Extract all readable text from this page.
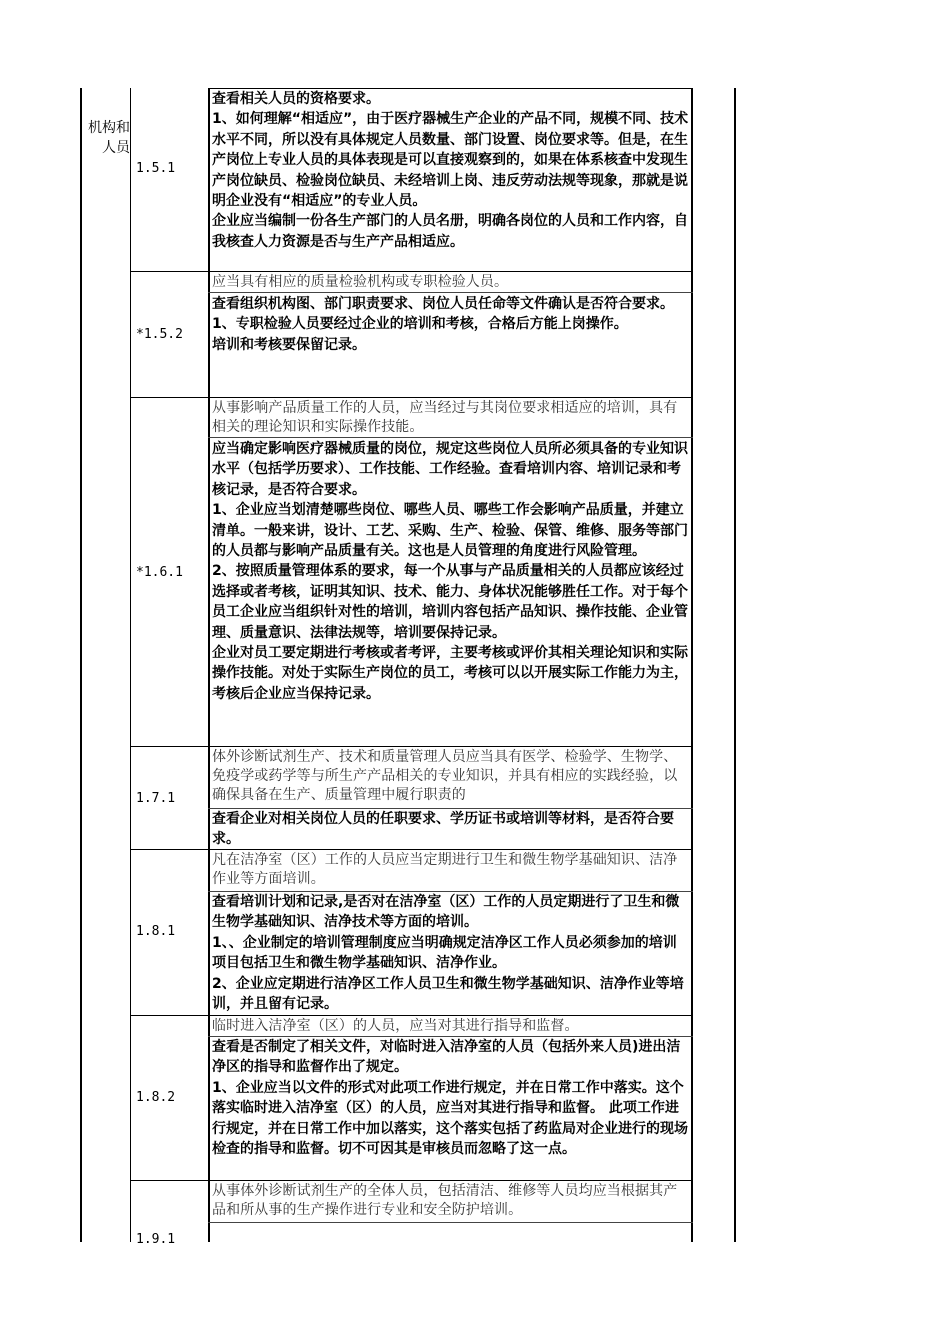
机构和人员
1.5.1
查看相关人员的资格要求。
1、如何理解“相适应”，由于医疗器械生产企业的产品不同，规模不同、技术水平不同，所以没有具体规定人员数量、部门设置、岗位要求等。但是，在生产岗位上专业人员的具体表现是可以直接观察到的，如果在体系核查中发现生产岗位缺员、检验岗位缺员、未经培训上岗、违反劳动法规等现象，那就是说明企业没有“相适应”的专业人员。
企业应当编制一份各生产部门的人员名册，明确各岗位的人员和工作内容，自我核查人力资源是否与生产产品相适应。
*1.5.2
应当具有相应的质量检验机构或专职检验人员。
查看组织机构图、部门职责要求、岗位人员任命等文件确认是否符合要求。
1、专职检验人员要经过企业的培训和考核，合格后方能上岗操作。
培训和考核要保留记录。
*1.6.1
从事影响产品质量工作的人员，应当经过与其岗位要求相适应的培训，具有相关的理论知识和实际操作技能。
应当确定影响医疗器械质量的岗位，规定这些岗位人员所必须具备的专业知识水平（包括学历要求）、工作技能、工作经验。查看培训内容、培训记录和考核记录，是否符合要求。
1、企业应当划清楚哪些岗位、哪些人员、哪些工作会影响产品质量，并建立清单。一般来讲，设计、工艺、采购、生产、检验、保管、维修、服务等部门的人员都与影响产品质量有关。这也是人员管理的角度进行风险管理。
2、按照质量管理体系的要求，每一个从事与产品质量相关的人员都应该经过选择或者考核，证明其知识、技术、能力、身体状况能够胜任工作。对于每个员工企业应当组织针对性的培训，培训内容包括产品知识、操作技能、企业管理、质量意识、法律法规等，培训要保持记录。
企业对员工要定期进行考核或者考评，主要考核或评价其相关理论知识和实际操作技能。对处于实际生产岗位的员工，考核可以以开展实际工作能力为主，考核后企业应当保持记录。
1.7.1
体外诊断试剂生产、技术和质量管理人员应当具有医学、检验学、生物学、免疫学或药学等与所生产产品相关的专业知识，并具有相应的实践经验，以确保具备在生产、质量管理中履行职责的
查看企业对相关岗位人员的任职要求、学历证书或培训等材料，是否符合要求。
1.8.1
凡在洁净室（区）工作的人员应当定期进行卫生和微生物学基础知识、洁净作业等方面培训。
查看培训计划和记录,是否对在洁净室（区）工作的人员定期进行了卫生和微生物学基础知识、洁净技术等方面的培训。
1、、企业制定的培训管理制度应当明确规定洁净区工作人员必须参加的培训项目包括卫生和微生物学基础知识、洁净作业。
2、企业应定期进行洁净区工作人员卫生和微生物学基础知识、洁净作业等培训，并且留有记录。
1.8.2
临时进入洁净室（区）的人员，应当对其进行指导和监督。
查看是否制定了相关文件，对临时进入洁净室的人员（包括外来人员)进出洁净区的指导和监督作出了规定。
1、企业应当以文件的形式对此项工作进行规定，并在日常工作中落实。这个落实临时进入洁净室（区）的人员，应当对其进行指导和监督。 此项工作进行规定，并在日常工作中加以落实，这个落实包括了药监局对企业进行的现场检查的指导和监督。切不可因其是审核员而忽略了这一点。
1.9.1
从事体外诊断试剂生产的全体人员，包括清洁、维修等人员均应当根据其产品和所从事的生产操作进行专业和安全防护培训。
